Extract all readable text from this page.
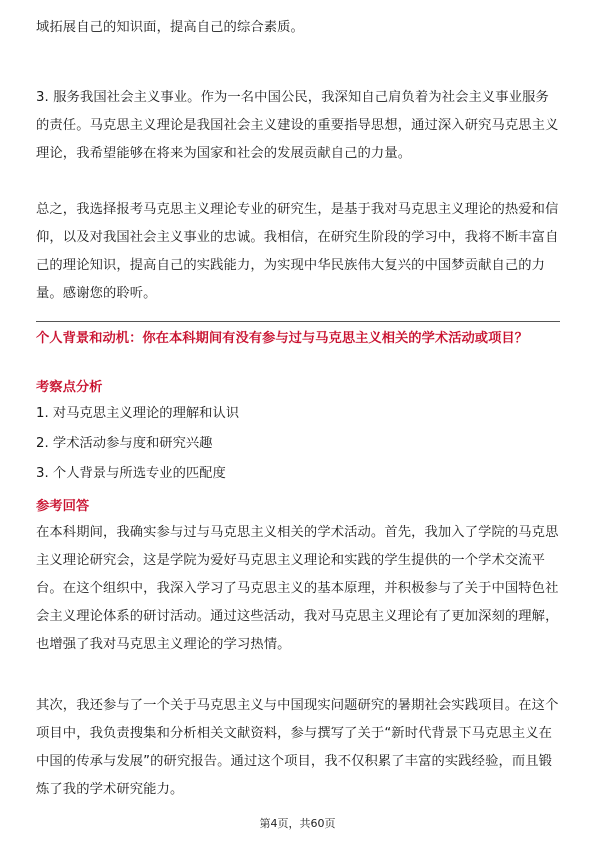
域拓展自己的知识面，提高自己的综合素质。

3. 服务我国社会主义事业。作为一名中国公民，我深知自己肩负着为社会主义事业服务的责任。马克思主义理论是我国社会主义建设的重要指导思想，通过深入研究马克思主义理论，我希望能够在将来为国家和社会的发展贡献自己的力量。

总之，我选择报考马克思主义理论专业的研究生，是基于我对马克思主义理论的热爱和信仰，以及对我国社会主义事业的忠诚。我相信，在研究生阶段的学习中，我将不断丰富自己的理论知识，提高自己的实践能力，为实现中华民族伟大复兴的中国梦贡献自己的力量。感谢您的聆听。

个人背景和动机：你在本科期间有没有参与过与马克思主义相关的学术活动或项目？

考察点分析

1. 对马克思主义理论的理解和认识

2. 学术活动参与度和研究兴趣

3. 个人背景与所选专业的匹配度

参考回答

在本科期间，我确实参与过与马克思主义相关的学术活动。首先，我加入了学院的马克思主义理论研究会，这是学院为爱好马克思主义理论和实践的学生提供的一个学术交流平台。在这个组织中，我深入学习了马克思主义的基本原理，并积极参与了关于中国特色社会主义理论体系的研讨活动。通过这些活动，我对马克思主义理论有了更加深刻的理解，也增强了我对马克思主义理论的学习热情。

其次，我还参与了一个关于马克思主义与中国现实问题研究的暑期社会实践项目。在这个项目中，我负责搜集和分析相关文献资料，参与撰写了关于“新时代背景下马克思主义在中国的传承与发展”的研究报告。通过这个项目，我不仅积累了丰富的实践经验，而且锻炼了我的学术研究能力。

第4页，共60页
